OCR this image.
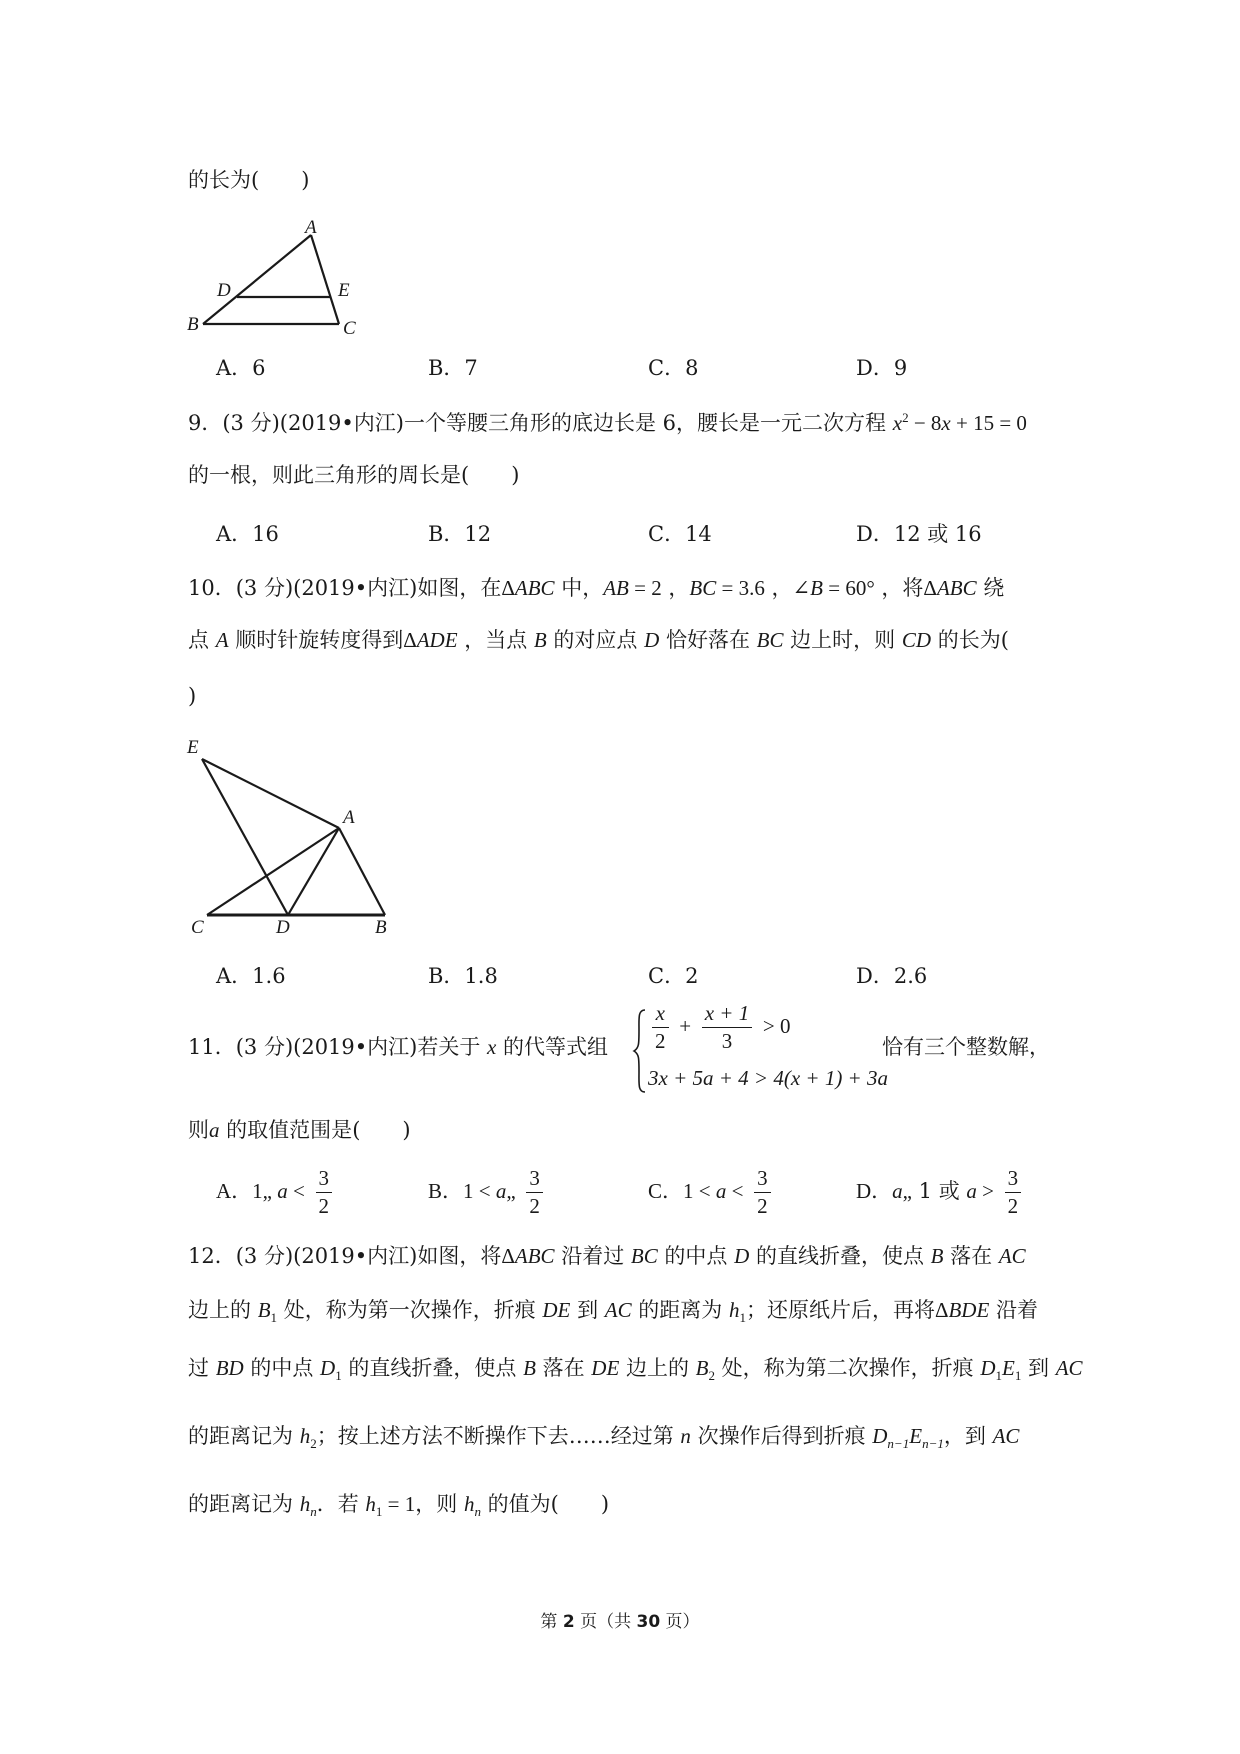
的长为(　　)
A
D	E
B	C
A．6	B．7	C．8	D．9
9．(3 分)(2019•内江)一个等腰三角形的底边长是 6，腰长是一元二次方程 $x^2 - 8x + 15 = 0$
的一根，则此三角形的周长是(　　)
A．16	B．12	C．14	D．12 或 16
10．(3 分)(2019•内江)如图，在ΔABC 中，AB = 2 ，BC = 3.6 ，∠B = 60° ，将ΔABC 绕
点 A 顺时针旋转度得到ΔADE ，当点 B 的对应点 D 恰好落在 BC 边上时，则 CD 的长为(
)
E
A
C	D	B
A．1.6	B．1.8	C．2	D．2.6
11．(3 分)(2019•内江)若关于 x 的代等式组 $\frac{x}{2} + \frac{x + 1}{3} > 0$
3x + 5a + 4 > 4(x + 1) + 3a
恰有三个整数解，
则a 的取值范围是(　　)
A．1„ $a < \frac{3}{2}$	B．1 < a„ $\frac{3}{2}$	C．$1 < a < \frac{3}{2}$	D．a„ 1 或 $a > \frac{3}{2}$
12．(3 分)(2019•内江)如图，将ΔABC 沿着过 BC 的中点 D 的直线折叠，使点 B 落在 AC
边上的 $B_1$ 处，称为第一次操作，折痕 DE 到 AC 的距离为 $h_1$；还原纸片后，再将ΔBDE 沿着
过 BD 的中点 $D_1$ 的直线折叠，使点 B 落在 DE 边上的 $B_2$ 处，称为第二次操作，折痕 $D_1E_1$ 到 AC
的距离记为 $h_2$；按上述方法不断操作下去……经过第 n 次操作后得到折痕 $D_{n-1}E_{n-1}$，到 AC
的距离记为 $h_n$．若 $h_1 = 1$，则 $h_n$ 的值为(　　)
第 2 页（共 30 页）
